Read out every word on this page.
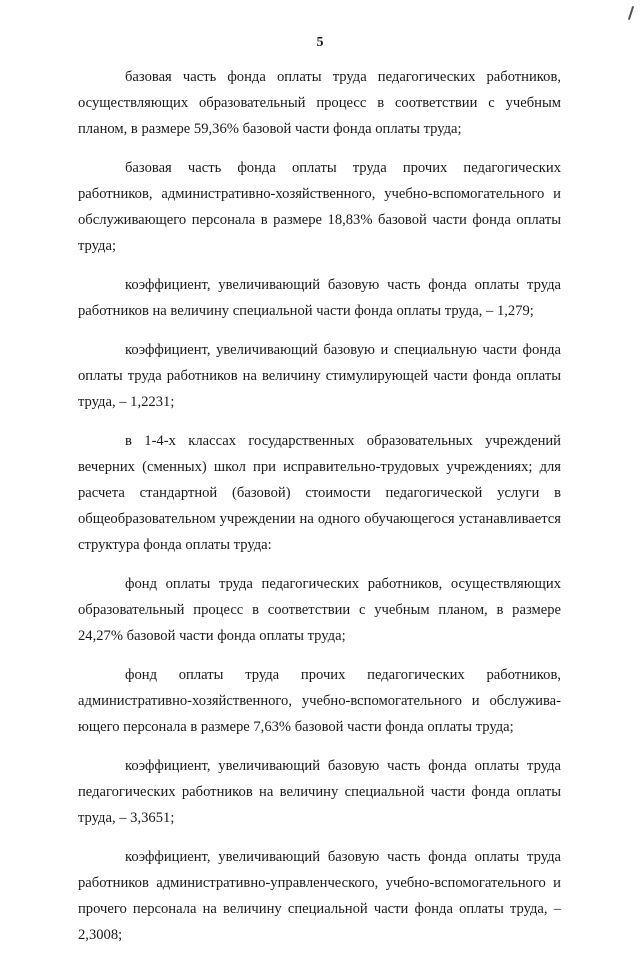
5

базовая часть фонда оплаты труда педагогических работников, осуществляющих образовательный процесс в соответствии с учебным планом, в размере 59,36% базовой части фонда оплаты труда;

базовая часть фонда оплаты труда прочих педагогических работников, административно-хозяйственного, учебно-вспомогательного и обслуживающего персонала в размере 18,83% базовой части фонда оплаты труда;

коэффициент, увеличивающий базовую часть фонда оплаты труда работников на величину специальной части фонда оплаты труда, – 1,279;

коэффициент, увеличивающий базовую и специальную части фонда оплаты труда работников на величину стимулирующей части фонда оплаты труда, – 1,2231;

в 1-4-х классах государственных образовательных учреждений вечерних (сменных) школ при исправительно-трудовых учреждениях; для расчета стандартной (базовой) стоимости педагогической услуги в общеобразовательном учреждении на одного обучающегося устанавливается структура фонда оплаты труда:

фонд оплаты труда педагогических работников, осуществляющих образовательный процесс в соответствии с учебным планом, в размере 24,27% базовой части фонда оплаты труда;

фонд оплаты труда прочих педагогических работников, административно-хозяйственного, учебно-вспомогательного и обслуживающего персонала в размере 7,63% базовой части фонда оплаты труда;

коэффициент, увеличивающий базовую часть фонда оплаты труда педагогических работников на величину специальной части фонда оплаты труда, – 3,3651;

коэффициент, увеличивающий базовую часть фонда оплаты труда работников административно-управленческого, учебно-вспомогательного и прочего персонала на величину специальной части фонда оплаты труда, – 2,3008;
